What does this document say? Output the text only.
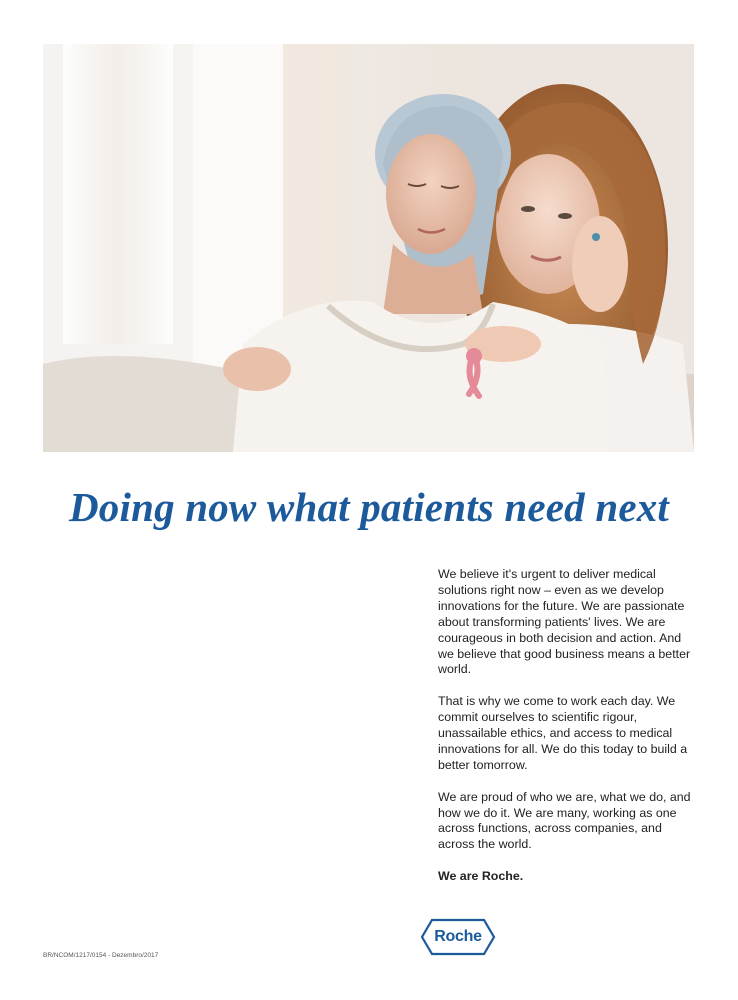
Doing now what patients need next

We believe it's urgent to deliver medical solutions right now – even as we develop innovations for the future. We are passionate about transforming patients' lives. We are courageous in both decision and action. And we believe that good business means a better world.

That is why we come to work each day. We commit ourselves to scientific rigour, unassailable ethics, and access to medical innovations for all. We do this today to build a better tomorrow.

We are proud of who we are, what we do, and how we do it. We are many, working as one across functions, across companies, and across the world.

We are Roche.

Roche
BR/NCOM/1217/0154 - Dezembro/2017
